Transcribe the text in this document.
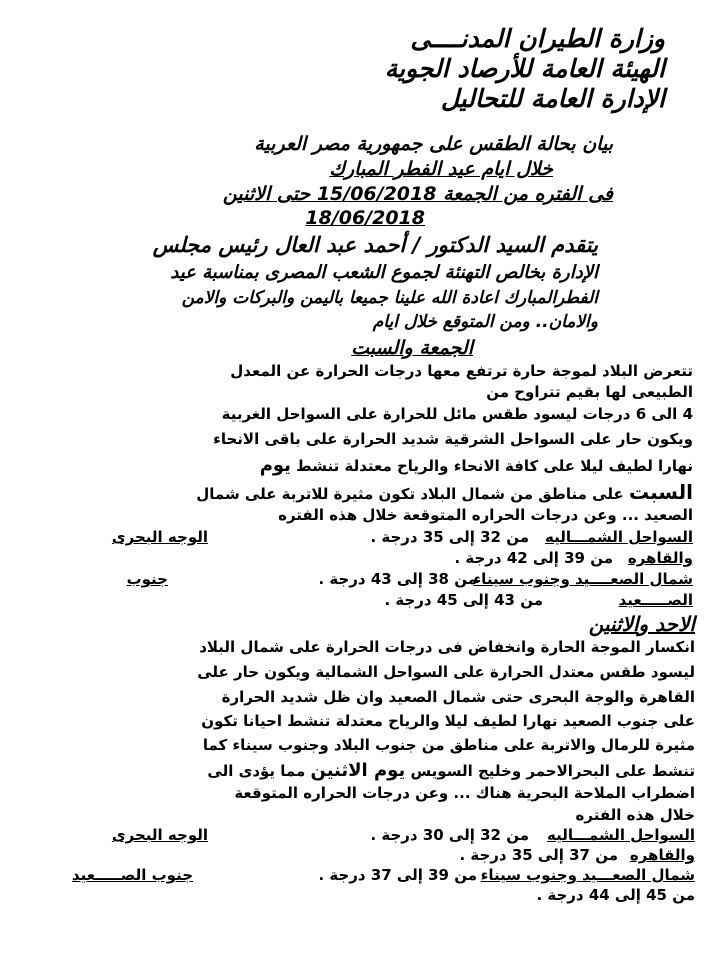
وزارة الطيران المدنــــى
الهيئة العامة للأرصاد الجوية
الإدارة العامة للتحاليل
بيان بحالة الطقس على جمهورية مصر العربية
خلال ايام عيد الفطر المبارك
فى الفتره من الجمعة 15/06/2018 حتى الاثنين
18/06/2018
يتقدم السيد الدكتور / أحمد عبد العال رئيس مجلس
الإدارة بخالص التهنئة لجموع الشعب المصرى بمناسبة عيد
الفطرالمبارك اعادة الله علينا جميعا باليمن والبركات والامن
والامان.. ومن المتوقع خلال ايام
الجمعة والسبت
تتعرض البلاد لموجة حارة ترتفع معها درجات الحرارة عن المعدل
الطبيعى لها بقيم تتراوح من
4 الى 6 درجات ليسود طقس مائل للحرارة على السواحل الغربية
ويكون حار على السواحل الشرقية شديد الحرارة على باقى الانحاء
نهارا لطيف ليلا على كافة الانحاء والرياح معتدلة تنشط يوم
السبت على مناطق من شمال البلاد تكون مثيرة للاتربة على شمال
الصعيد ... وعن درجات الحراره المتوقعة خلال هذه الفتره
السواحل الشمـــاليه
من 32 إلى 35 درجة .
الوجه البحرى
والقاهره
من 39 إلى 42 درجة .
شمال الصعــــيد وجنوب سيناء
من 38 إلى 43 درجة .
جنوب
الصـــــعيد
من 43 إلى 45 درجة .
الاحد والاثنين
انكسار الموجة الحارة وانخفاض فى درجات الحرارة على شمال البلاد
ليسود طقس معتدل الحرارة على السواحل الشمالية ويكون حار على
القاهرة والوجة البحرى حتى شمال الصعيد وان ظل شديد الحرارة
على جنوب الصعيد نهارا لطيف ليلا والرياح معتدلة تنشط احيانا تكون
مثيرة للرمال والاتربة على مناطق من جنوب البلاد وجنوب سيناء كما
تنشط على البحرالاحمر وخليج السويس يوم الاثنين مما يؤدى الى
اضطراب الملاحة البحرية هناك ... وعن درجات الحراره المتوقعة
خلال هذه الفتره
السواحل الشمـــاليه
من 32 إلى 30 درجة .
الوجه البحرى
والقاهره
من 37 إلى 35 درجة .
شمال الصعـــيد وجنوب سيناء
من 39 إلى 37 درجة .
جنوب الصـــــعيد
من 45 إلى 44 درجة .
